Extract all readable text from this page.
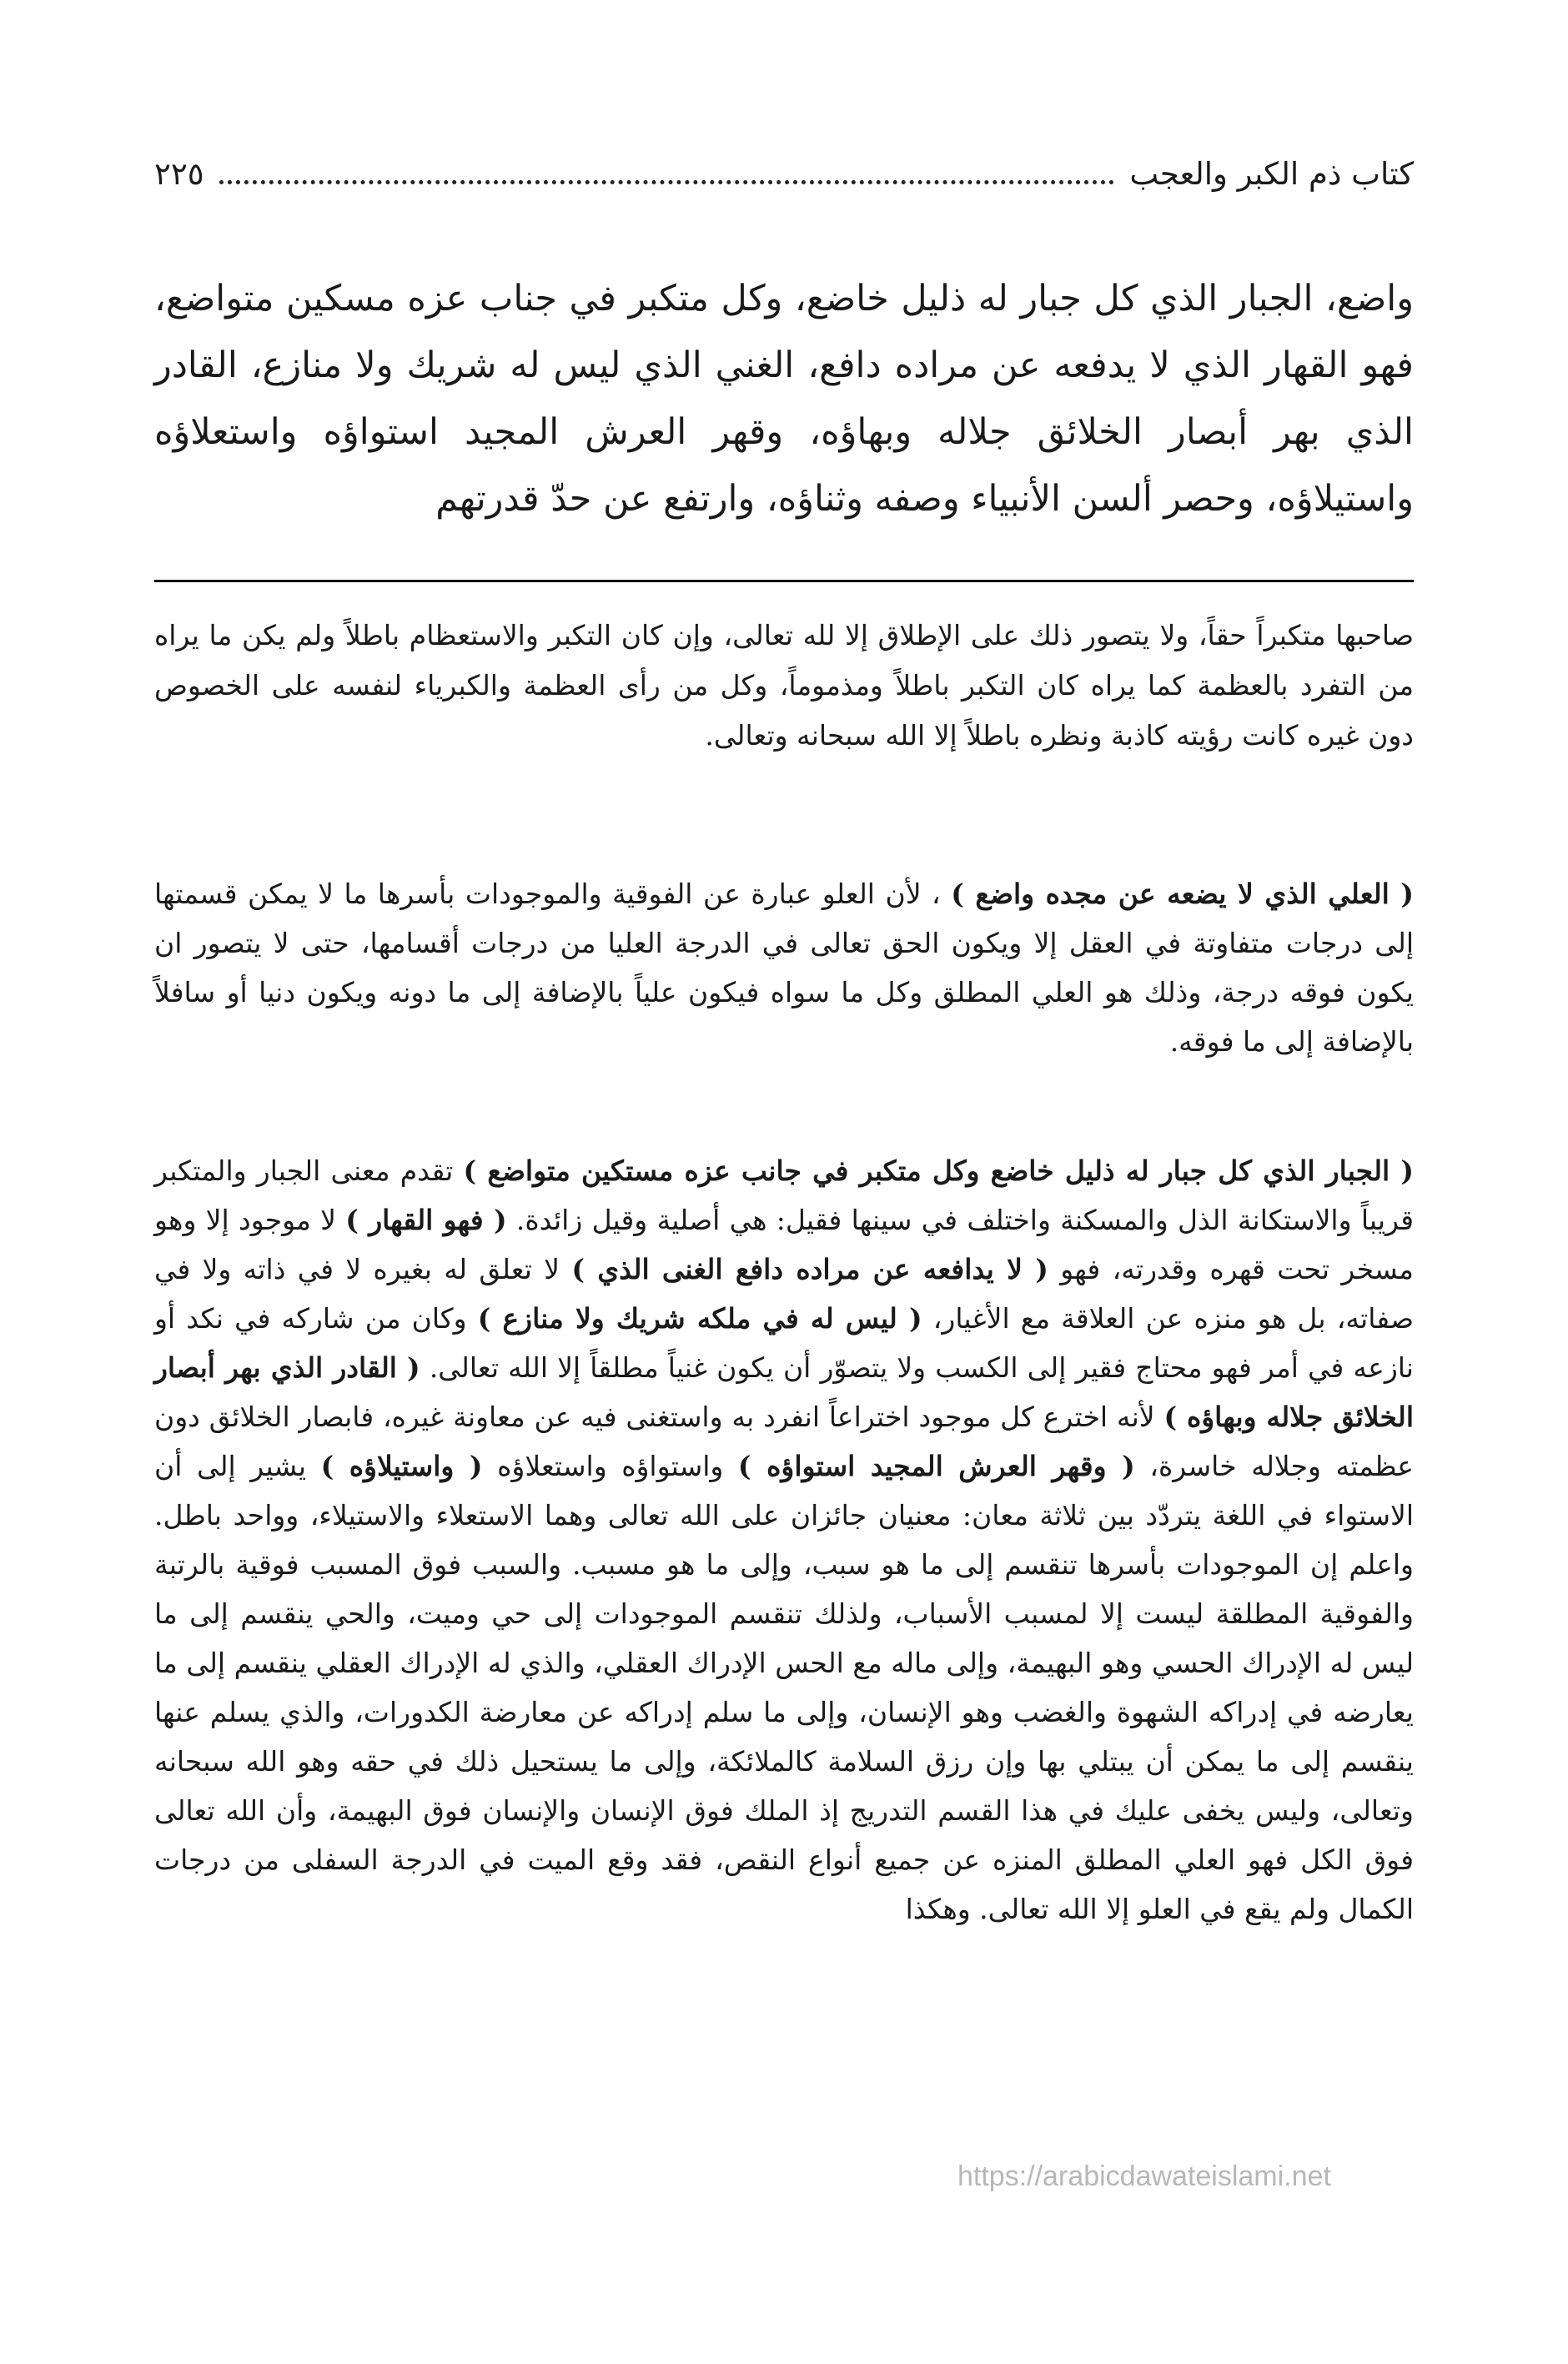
كتاب ذم الكبر والعجب
٢٢٥
واضع، الجبار الذي كل جبار له ذليل خاضع، وكل متكبر في جناب عزه مسكين متواضع، فهو القهار الذي لا يدفعه عن مراده دافع، الغني الذي ليس له شريك ولا منازع، القادر الذي بهر أبصار الخلائق جلاله وبهاؤه، وقهر العرش المجيد استواؤه واستعلاؤه واستيلاؤه، وحصر ألسن الأنبياء وصفه وثناؤه، وارتفع عن حدّ قدرتهم
صاحبها متكبراً حقاً، ولا يتصور ذلك على الإطلاق إلا لله تعالى، وإن كان التكبر والاستعظام باطلاً ولم يكن ما يراه من التفرد بالعظمة كما يراه كان التكبر باطلاً ومذموماً، وكل من رأى العظمة والكبرياء لنفسه على الخصوص دون غيره كانت رؤيته كاذبة ونظره باطلاً إلا الله سبحانه وتعالى.
( العلي الذي لا يضعه عن مجده واضع ) ، لأن العلو عبارة عن الفوقية والموجودات بأسرها ما لا يمكن قسمتها إلى درجات متفاوتة في العقل إلا ويكون الحق تعالى في الدرجة العليا من درجات أقسامها، حتى لا يتصور ان يكون فوقه درجة، وذلك هو العلي المطلق وكل ما سواه فيكون علياً بالإضافة إلى ما دونه ويكون دنيا أو سافلاً بالإضافة إلى ما فوقه.
( الجبار الذي كل جبار له ذليل خاضع وكل متكبر في جانب عزه مستكين متواضع ) تقدم معنى الجبار والمتكبر قريباً والاستكانة الذل والمسكنة واختلف في سينها فقيل: هي أصلية وقيل زائدة. ( فهو القهار ) لا موجود إلا وهو مسخر تحت قهره وقدرته، فهو ( لا يدافعه عن مراده دافع الغنى الذي ) لا تعلق له بغيره لا في ذاته ولا في صفاته، بل هو منزه عن العلاقة مع الأغيار، ( ليس له في ملكه شريك ولا منازع ) وكان من شاركه في نكد أو نازعه في أمر فهو محتاج فقير إلى الكسب ولا يتصوّر أن يكون غنياً مطلقاً إلا الله تعالى. ( القادر الذي بهر أبصار الخلائق جلاله وبهاؤه ) لأنه اخترع كل موجود اختراعاً انفرد به واستغنى فيه عن معاونة غيره، فابصار الخلائق دون عظمته وجلاله خاسرة، ( وقهر العرش المجيد استواؤه ) واستواؤه واستعلاؤه ( واستيلاؤه ) يشير إلى أن الاستواء في اللغة يتردّد بين ثلاثة معان: معنيان جائزان على الله تعالى وهما الاستعلاء والاستيلاء، وواحد باطل. واعلم إن الموجودات بأسرها تنقسم إلى ما هو سبب، وإلى ما هو مسبب. والسبب فوق المسبب فوقية بالرتبة والفوقية المطلقة ليست إلا لمسبب الأسباب، ولذلك تنقسم الموجودات إلى حي وميت، والحي ينقسم إلى ما ليس له الإدراك الحسي وهو البهيمة، وإلى ماله مع الحس الإدراك العقلي، والذي له الإدراك العقلي ينقسم إلى ما يعارضه في إدراكه الشهوة والغضب وهو الإنسان، وإلى ما سلم إدراكه عن معارضة الكدورات، والذي يسلم عنها ينقسم إلى ما يمكن أن يبتلي بها وإن رزق السلامة كالملائكة، وإلى ما يستحيل ذلك في حقه وهو الله سبحانه وتعالى، وليس يخفى عليك في هذا القسم التدريج إذ الملك فوق الإنسان والإنسان فوق البهيمة، وأن الله تعالى فوق الكل فهو العلي المطلق المنزه عن جميع أنواع النقص، فقد وقع الميت في الدرجة السفلى من درجات الكمال ولم يقع في العلو إلا الله تعالى. وهكذا
https://arabicdawateislami.net
